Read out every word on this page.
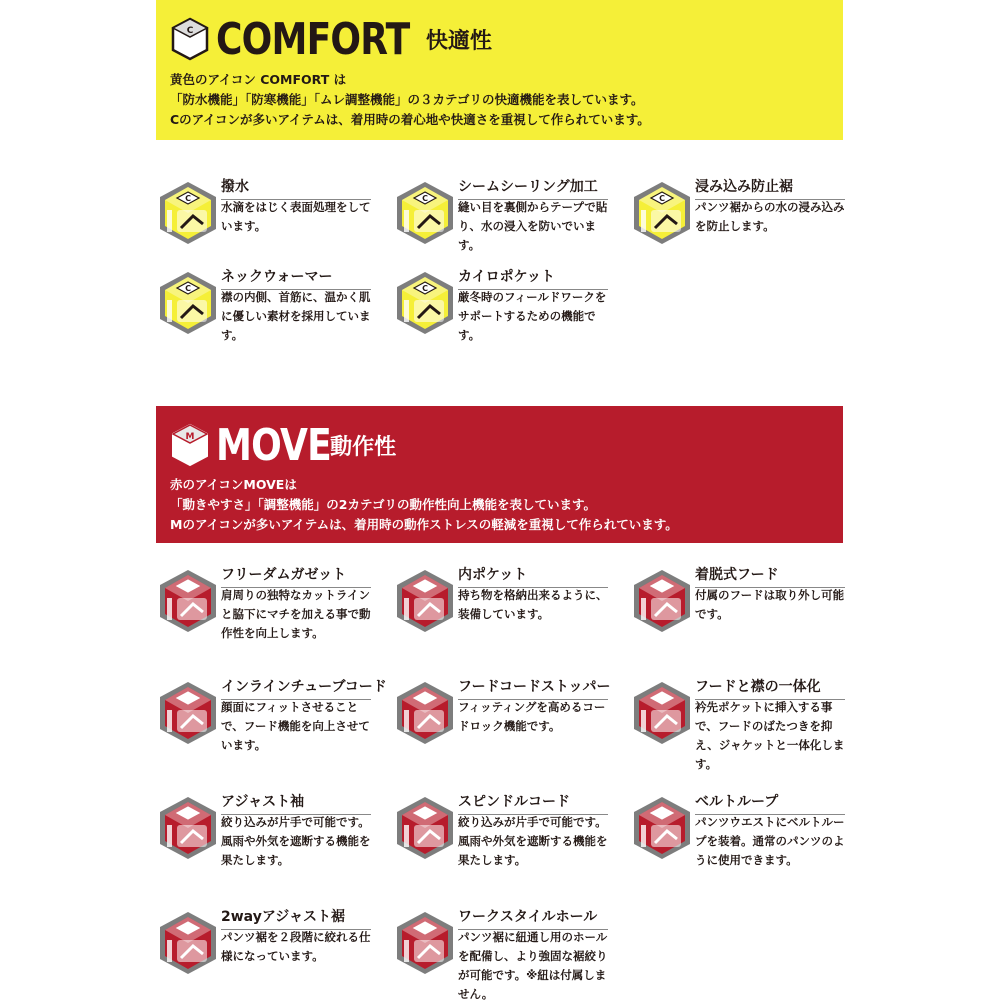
C COMFORT 快適性
黄色のアイコン COMFORT は
「防水機能」「防寒機能」「ムレ調整機能」の３カテゴリの快適機能を表しています。
Cのアイコンが多いアイテムは、着用時の着心地や快適さを重視して作られています。
M MOVE 動作性
赤のアイコンMOVEは
「動きやすさ」「調整機能」の2カテゴリの動作性向上機能を表しています。
Mのアイコンが多いアイテムは、着用時の動作ストレスの軽減を重視して作られています。
C
撥水
水滴をはじく表面処理をしています。
C
シームシーリング加工
縫い目を裏側からテープで貼り、水の浸入を防いでいます。
C
浸み込み防止裾
パンツ裾からの水の浸み込みを防止します。
C
ネックウォーマー
襟の内側、首筋に、温かく肌に優しい素材を採用しています。
C
カイロポケット
厳冬時のフィールドワークをサポートするための機能です。
M
フリーダムガゼット
肩周りの独特なカットラインと脇下にマチを加える事で動作性を向上します。
M
内ポケット
持ち物を格納出来るように、装備しています。
M
着脱式フード
付属のフードは取り外し可能です。
M
インラインチューブコード
顔面にフィットさせることで、フード機能を向上させています。
M
フードコードストッパー
フィッティングを高めるコードロック機能です。
M
フードと襟の一体化
衿先ポケットに挿入する事で、フードのばたつきを抑え、ジャケットと一体化します。
M
アジャスト袖
絞り込みが片手で可能です。風雨や外気を遮断する機能を果たします。
M
スピンドルコード
絞り込みが片手で可能です。風雨や外気を遮断する機能を果たします。
M
ベルトループ
パンツウエストにベルトループを装着。通常のパンツのように使用できます。
M
2wayアジャスト裾
パンツ裾を２段階に絞れる仕様になっています。
M
ワークスタイルホール
パンツ裾に紐通し用のホールを配備し、より強固な裾絞りが可能です。※紐は付属しません。
